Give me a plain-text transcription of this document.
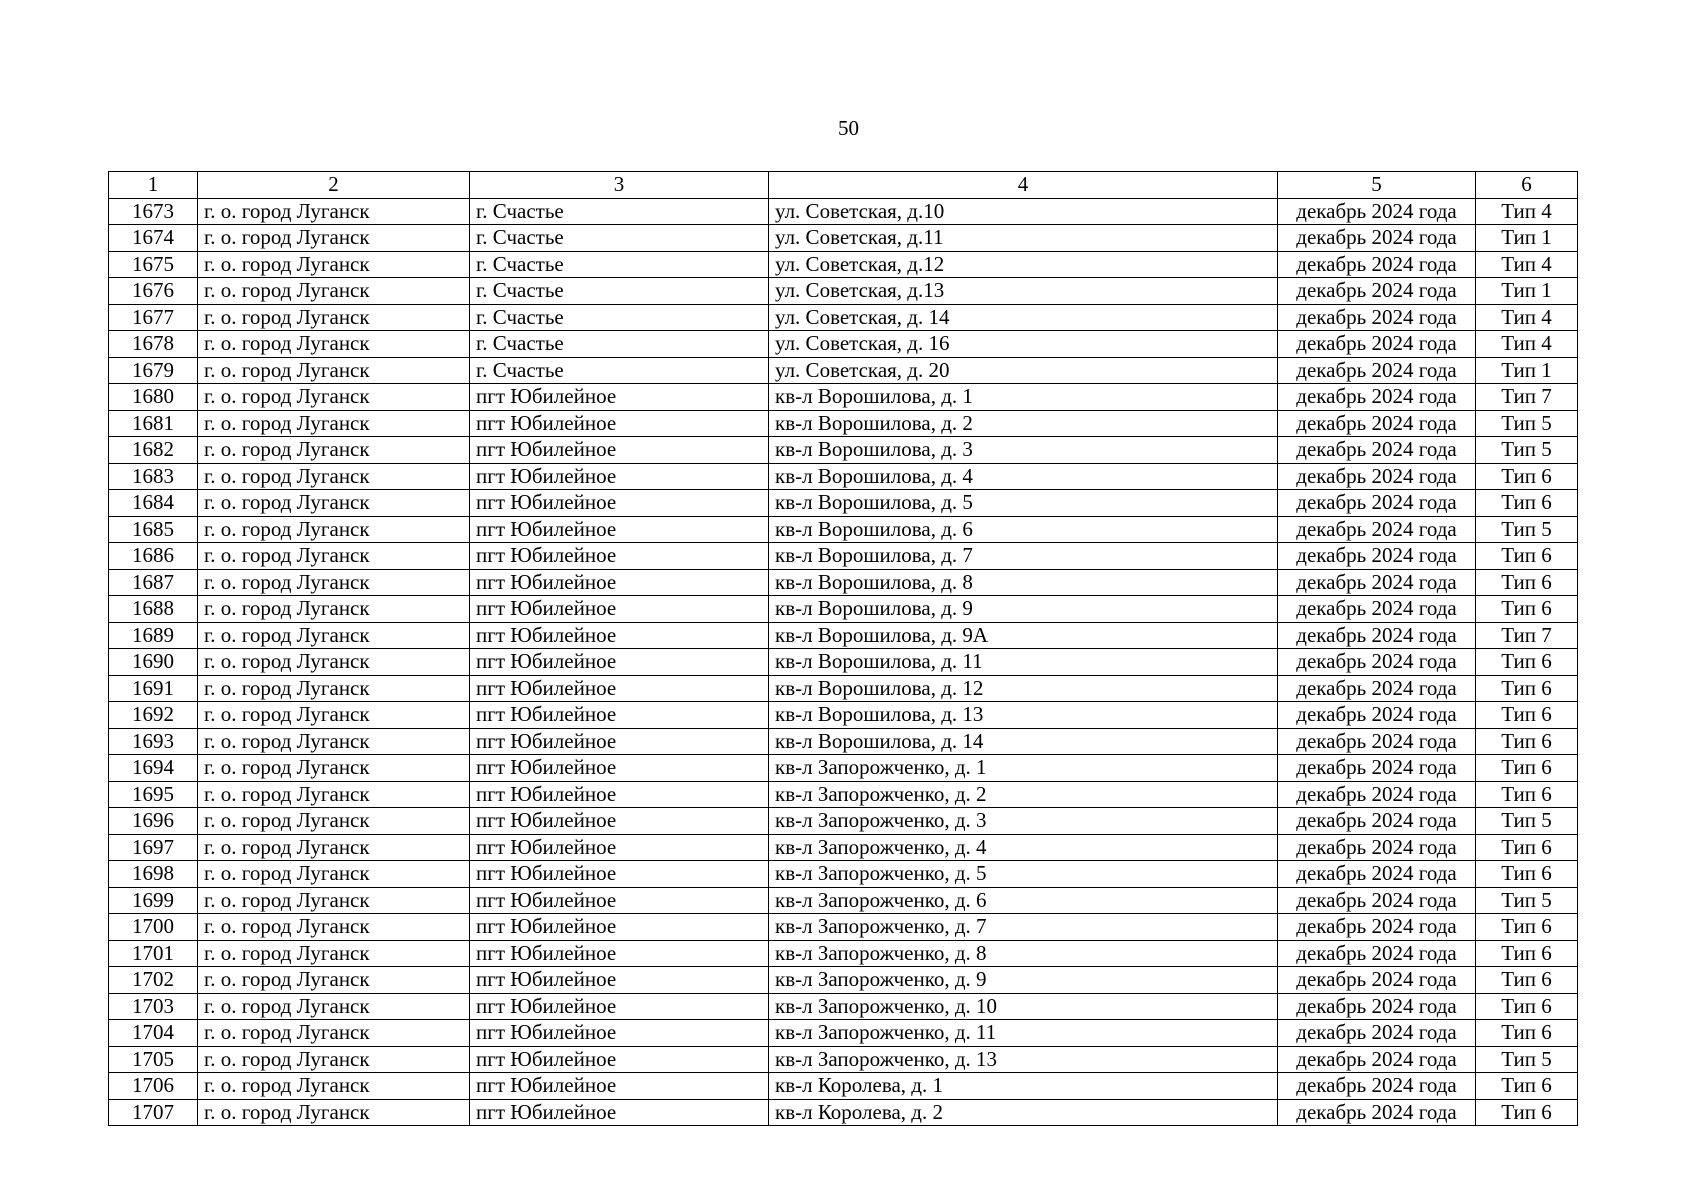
50
1	2	3	4	5	6
1673	г. о. город Луганск	г. Счастье	ул. Советская, д.10	декабрь 2024 года	Тип 4
1674	г. о. город Луганск	г. Счастье	ул. Советская, д.11	декабрь 2024 года	Тип 1
1675	г. о. город Луганск	г. Счастье	ул. Советская, д.12	декабрь 2024 года	Тип 4
1676	г. о. город Луганск	г. Счастье	ул. Советская, д.13	декабрь 2024 года	Тип 1
1677	г. о. город Луганск	г. Счастье	ул. Советская, д. 14	декабрь 2024 года	Тип 4
1678	г. о. город Луганск	г. Счастье	ул. Советская, д. 16	декабрь 2024 года	Тип 4
1679	г. о. город Луганск	г. Счастье	ул. Советская, д. 20	декабрь 2024 года	Тип 1
1680	г. о. город Луганск	пгт Юбилейное	кв-л Ворошилова, д. 1	декабрь 2024 года	Тип 7
1681	г. о. город Луганск	пгт Юбилейное	кв-л Ворошилова, д. 2	декабрь 2024 года	Тип 5
1682	г. о. город Луганск	пгт Юбилейное	кв-л Ворошилова, д. 3	декабрь 2024 года	Тип 5
1683	г. о. город Луганск	пгт Юбилейное	кв-л Ворошилова, д. 4	декабрь 2024 года	Тип 6
1684	г. о. город Луганск	пгт Юбилейное	кв-л Ворошилова, д. 5	декабрь 2024 года	Тип 6
1685	г. о. город Луганск	пгт Юбилейное	кв-л Ворошилова, д. 6	декабрь 2024 года	Тип 5
1686	г. о. город Луганск	пгт Юбилейное	кв-л Ворошилова, д. 7	декабрь 2024 года	Тип 6
1687	г. о. город Луганск	пгт Юбилейное	кв-л Ворошилова, д. 8	декабрь 2024 года	Тип 6
1688	г. о. город Луганск	пгт Юбилейное	кв-л Ворошилова, д. 9	декабрь 2024 года	Тип 6
1689	г. о. город Луганск	пгт Юбилейное	кв-л Ворошилова, д. 9А	декабрь 2024 года	Тип 7
1690	г. о. город Луганск	пгт Юбилейное	кв-л Ворошилова, д. 11	декабрь 2024 года	Тип 6
1691	г. о. город Луганск	пгт Юбилейное	кв-л Ворошилова, д. 12	декабрь 2024 года	Тип 6
1692	г. о. город Луганск	пгт Юбилейное	кв-л Ворошилова, д. 13	декабрь 2024 года	Тип 6
1693	г. о. город Луганск	пгт Юбилейное	кв-л Ворошилова, д. 14	декабрь 2024 года	Тип 6
1694	г. о. город Луганск	пгт Юбилейное	кв-л Запорожченко, д. 1	декабрь 2024 года	Тип 6
1695	г. о. город Луганск	пгт Юбилейное	кв-л Запорожченко, д. 2	декабрь 2024 года	Тип 6
1696	г. о. город Луганск	пгт Юбилейное	кв-л Запорожченко, д. 3	декабрь 2024 года	Тип 5
1697	г. о. город Луганск	пгт Юбилейное	кв-л Запорожченко, д. 4	декабрь 2024 года	Тип 6
1698	г. о. город Луганск	пгт Юбилейное	кв-л Запорожченко, д. 5	декабрь 2024 года	Тип 6
1699	г. о. город Луганск	пгт Юбилейное	кв-л Запорожченко, д. 6	декабрь 2024 года	Тип 5
1700	г. о. город Луганск	пгт Юбилейное	кв-л Запорожченко, д. 7	декабрь 2024 года	Тип 6
1701	г. о. город Луганск	пгт Юбилейное	кв-л Запорожченко, д. 8	декабрь 2024 года	Тип 6
1702	г. о. город Луганск	пгт Юбилейное	кв-л Запорожченко, д. 9	декабрь 2024 года	Тип 6
1703	г. о. город Луганск	пгт Юбилейное	кв-л Запорожченко, д. 10	декабрь 2024 года	Тип 6
1704	г. о. город Луганск	пгт Юбилейное	кв-л Запорожченко, д. 11	декабрь 2024 года	Тип 6
1705	г. о. город Луганск	пгт Юбилейное	кв-л Запорожченко, д. 13	декабрь 2024 года	Тип 5
1706	г. о. город Луганск	пгт Юбилейное	кв-л Королева, д. 1	декабрь 2024 года	Тип 6
1707	г. о. город Луганск	пгт Юбилейное	кв-л Королева, д. 2	декабрь 2024 года	Тип 6
